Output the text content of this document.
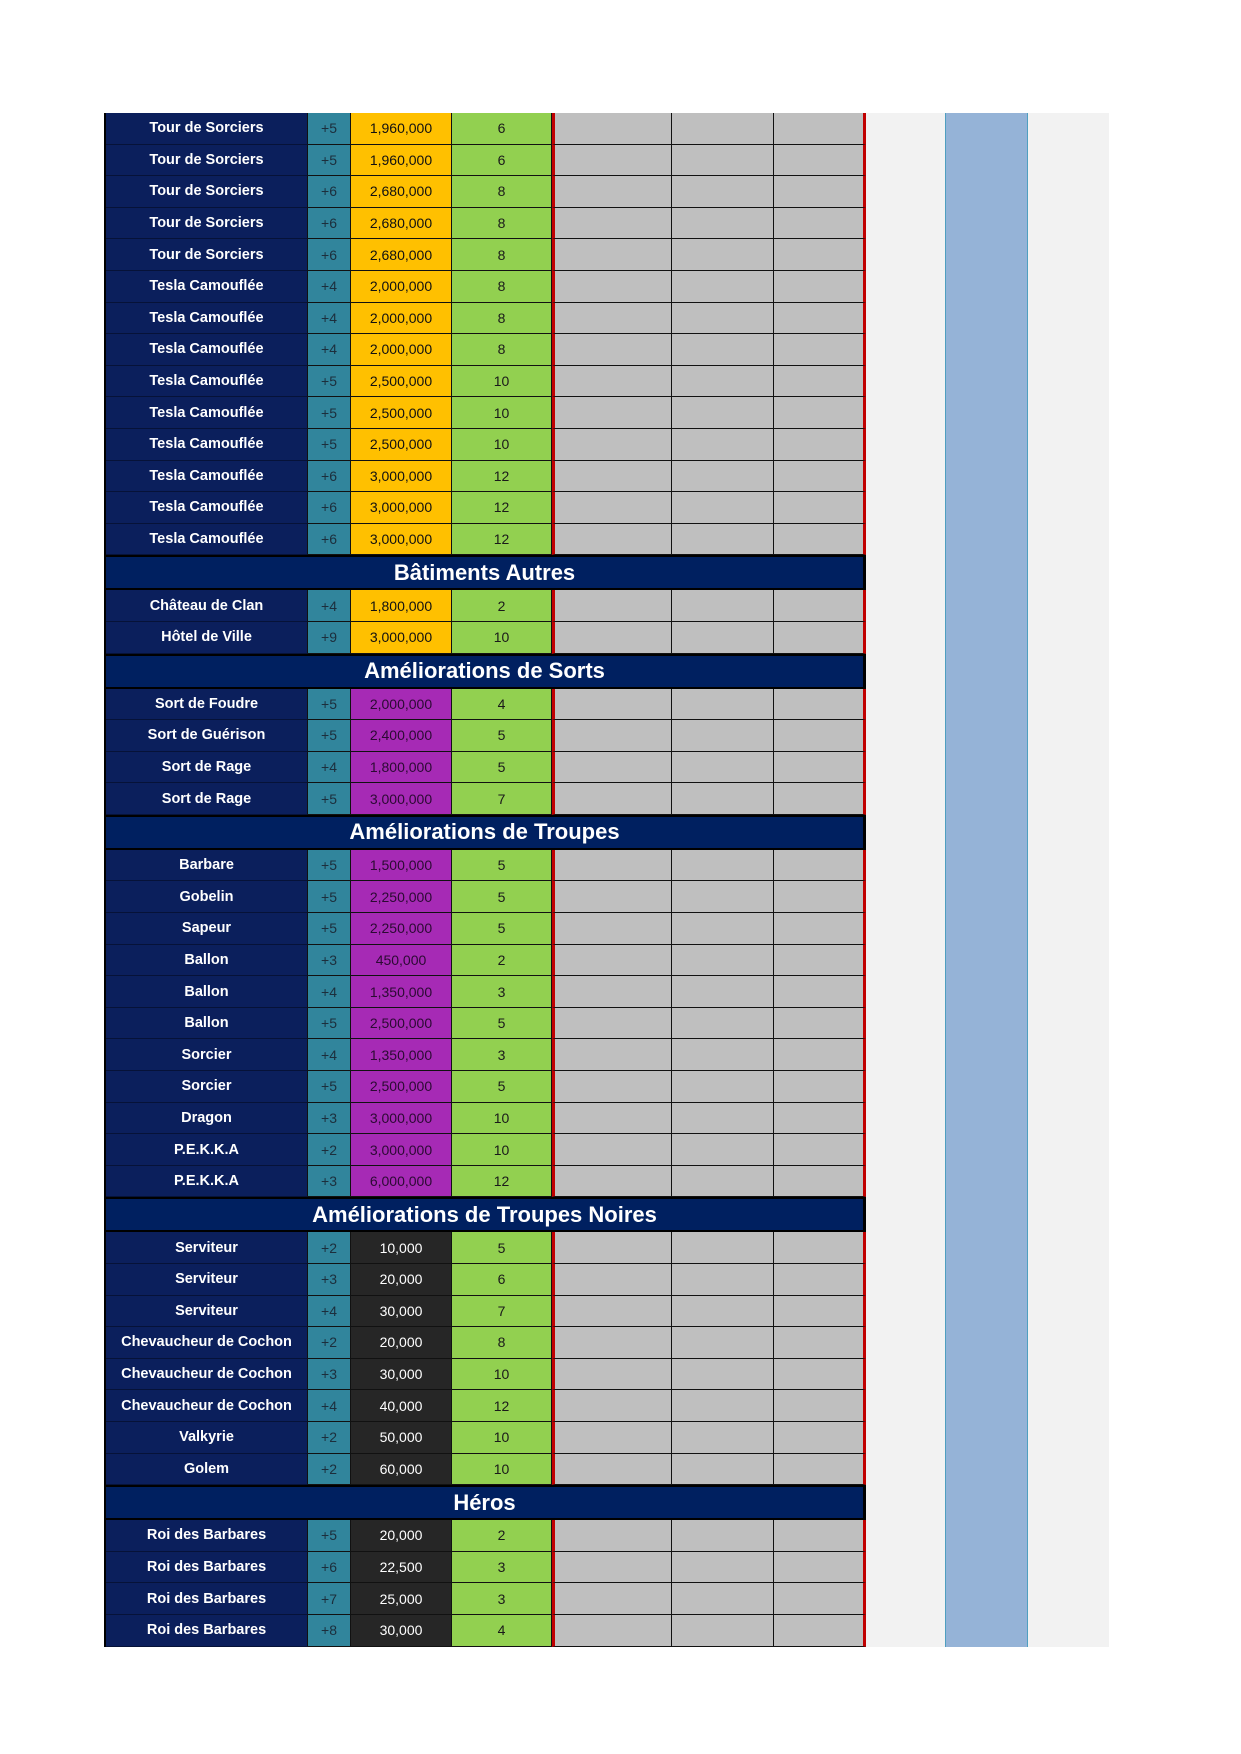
Tour de Sorciers	+5	1,960,000	6
Tour de Sorciers	+5	1,960,000	6
Tour de Sorciers	+6	2,680,000	8
Tour de Sorciers	+6	2,680,000	8
Tour de Sorciers	+6	2,680,000	8
Tesla Camouflée	+4	2,000,000	8
Tesla Camouflée	+4	2,000,000	8
Tesla Camouflée	+4	2,000,000	8
Tesla Camouflée	+5	2,500,000	10
Tesla Camouflée	+5	2,500,000	10
Tesla Camouflée	+5	2,500,000	10
Tesla Camouflée	+6	3,000,000	12
Tesla Camouflée	+6	3,000,000	12
Tesla Camouflée	+6	3,000,000	12
Bâtiments Autres
Château de Clan	+4	1,800,000	2
Hôtel de Ville	+9	3,000,000	10
Améliorations de Sorts
Sort de Foudre	+5	2,000,000	4
Sort de Guérison	+5	2,400,000	5
Sort de Rage	+4	1,800,000	5
Sort de Rage	+5	3,000,000	7
Améliorations de Troupes
Barbare	+5	1,500,000	5
Gobelin	+5	2,250,000	5
Sapeur	+5	2,250,000	5
Ballon	+3	450,000	2
Ballon	+4	1,350,000	3
Ballon	+5	2,500,000	5
Sorcier	+4	1,350,000	3
Sorcier	+5	2,500,000	5
Dragon	+3	3,000,000	10
P.E.K.K.A	+2	3,000,000	10
P.E.K.K.A	+3	6,000,000	12
Améliorations de Troupes Noires
Serviteur	+2	10,000	5
Serviteur	+3	20,000	6
Serviteur	+4	30,000	7
Chevaucheur de Cochon	+2	20,000	8
Chevaucheur de Cochon	+3	30,000	10
Chevaucheur de Cochon	+4	40,000	12
Valkyrie	+2	50,000	10
Golem	+2	60,000	10
Héros
Roi des Barbares	+5	20,000	2
Roi des Barbares	+6	22,500	3
Roi des Barbares	+7	25,000	3
Roi des Barbares	+8	30,000	4
